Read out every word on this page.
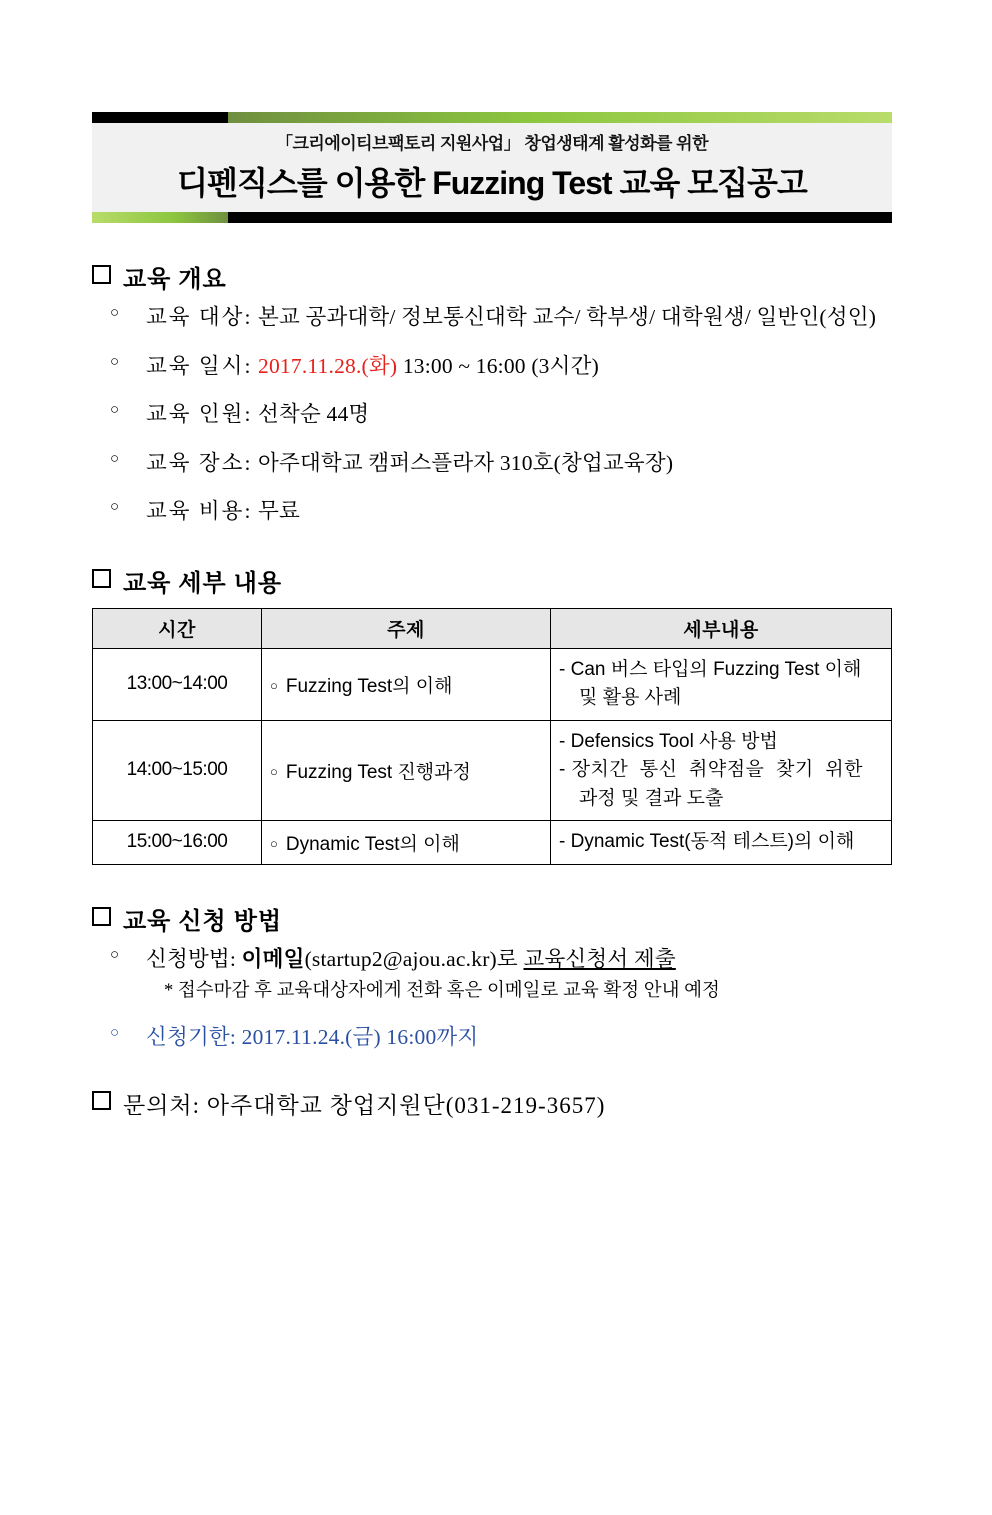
「크리에이티브팩토리 지원사업」 창업생태계 활성화를 위한
디펜직스를 이용한 Fuzzing Test 교육 모집공고
교육 개요
○ 교육 대상: 본교 공과대학/ 정보통신대학 교수/ 학부생/ 대학원생/ 일반인(성인)
○ 교육 일시: 2017.11.28.(화) 13:00 ~ 16:00 (3시간)
○ 교육 인원: 선착순 44명
○ 교육 장소: 아주대학교 캠퍼스플라자 310호(창업교육장)
○ 교육 비용: 무료
교육 세부 내용
시간	주제	세부내용
13:00~14:00	○ Fuzzing Test의 이해	- Can 버스 타입의 Fuzzing Test 이해
및 활용 사례

14:00~15:00	○ Fuzzing Test 진행과정	- Defensics Tool 사용 방법
- 장치간  통신  취약점을  찾기  위한
과정 및 결과 도출

15:00~16:00	○ Dynamic Test의 이해	- Dynamic Test(동적 테스트)의 이해
교육 신청 방법
○ 신청방법: 이메일(startup2@ajou.ac.kr)로 교육신청서 제출
* 접수마감 후 교육대상자에게 전화 혹은 이메일로 교육 확정 안내 예정
○ 신청기한: 2017.11.24.(금) 16:00까지
문의처: 아주대학교 창업지원단(031-219-3657)
